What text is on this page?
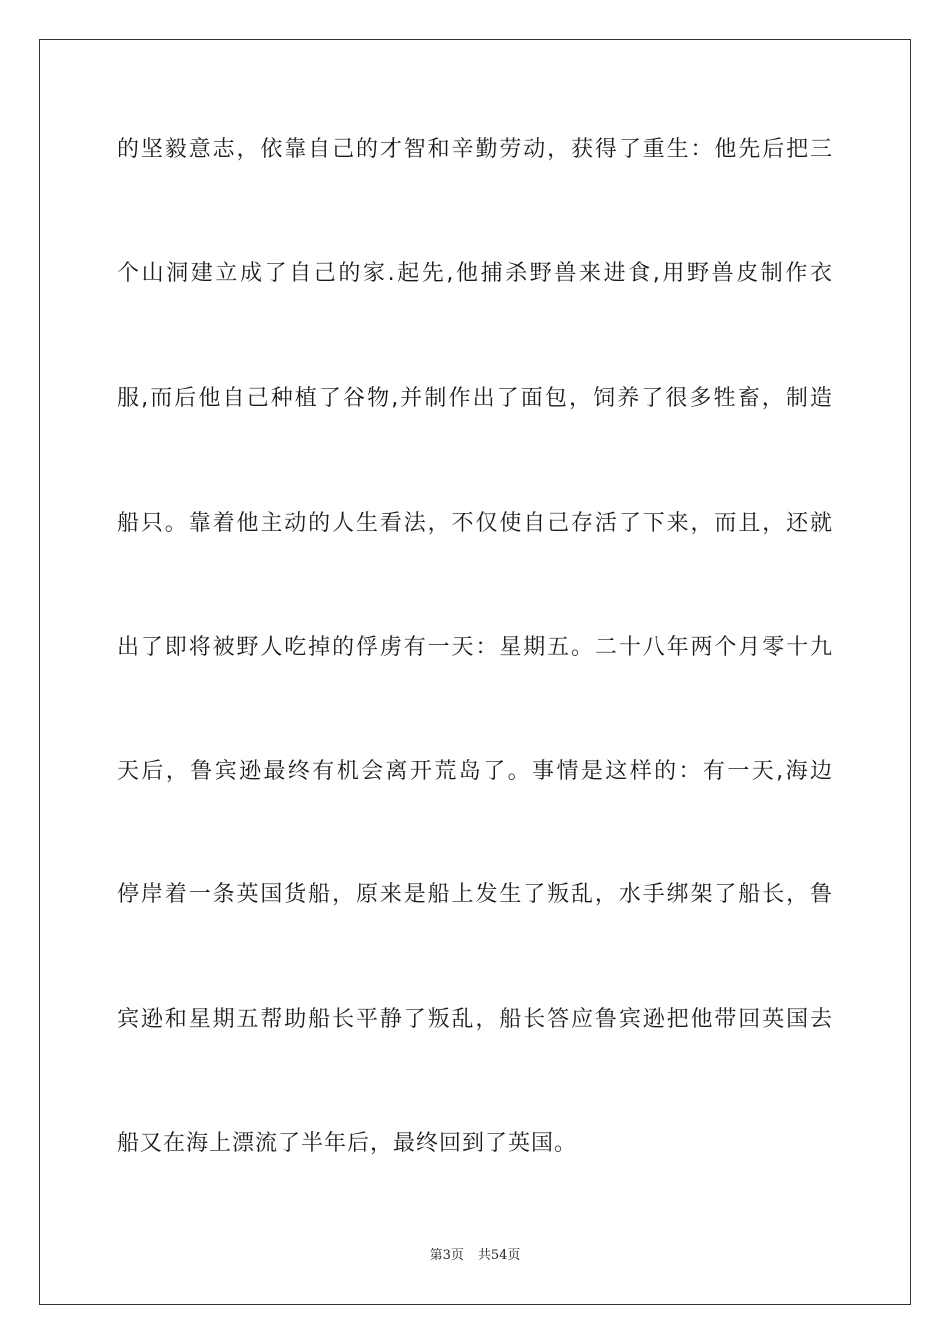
的坚毅意志，依靠自己的才智和辛勤劳动，获得了重生：他先后把三
个山洞建立成了自己的家.起先,他捕杀野兽来进食,用野兽皮制作衣
服,而后他自己种植了谷物,并制作出了面包，饲养了很多牲畜，制造
船只。靠着他主动的人生看法，不仅使自己存活了下来，而且，还就
出了即将被野人吃掉的俘虏有一天：星期五。二十八年两个月零十九
天后，鲁宾逊最终有机会离开荒岛了。事情是这样的：有一天,海边
停岸着一条英国货船，原来是船上发生了叛乱，水手绑架了船长，鲁
宾逊和星期五帮助船长平静了叛乱，船长答应鲁宾逊把他带回英国去
船又在海上漂流了半年后，最终回到了英国。
第3页 共54页
